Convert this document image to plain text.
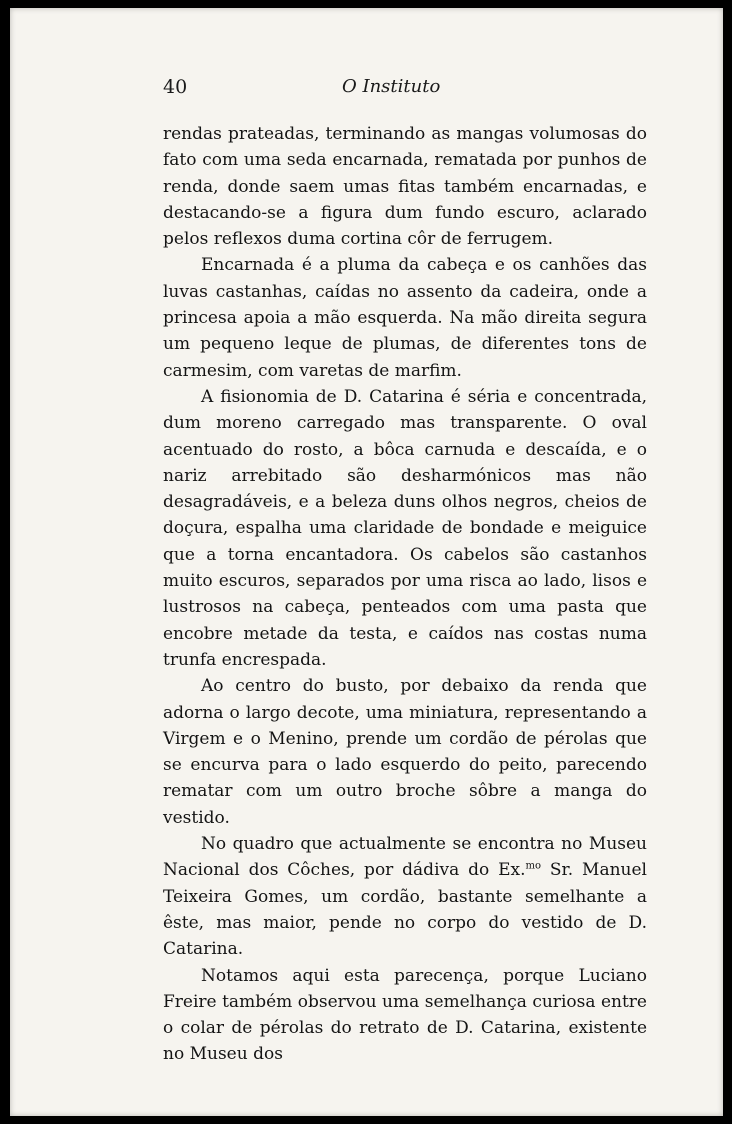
40	O Instituto

rendas prateadas, terminando as mangas volumosas do fato com uma seda encarnada, rematada por punhos de renda, donde saem umas fitas também encarnadas, e destacando-se a figura dum fundo escuro, aclarado pelos reflexos duma cortina côr de ferrugem.

Encarnada é a pluma da cabeça e os canhões das luvas castanhas, caídas no assento da cadeira, onde a princesa apoia a mão esquerda. Na mão direita segura um pequeno leque de plumas, de diferentes tons de carmesim, com varetas de marfim.

A fisionomia de D. Catarina é séria e concentrada, dum moreno carregado mas transparente. O oval acentuado do rosto, a bôca carnuda e descaída, e o nariz arrebitado são desharmónicos mas não desagradáveis, e a beleza duns olhos negros, cheios de doçura, espalha uma claridade de bondade e meiguice que a torna encantadora. Os cabelos são castanhos muito escuros, separados por uma risca ao lado, lisos e lustrosos na cabeça, penteados com uma pasta que encobre metade da testa, e caídos nas costas numa trunfa encrespada.

Ao centro do busto, por debaixo da renda que adorna o largo decote, uma miniatura, representando a Virgem e o Menino, prende um cordão de pérolas que se encurva para o lado esquerdo do peito, parecendo rematar com um outro broche sôbre a manga do vestido.

No quadro que actualmente se encontra no Museu Nacional dos Côches, por dádiva do Ex.$^{mo}$ Sr. Manuel Teixeira Gomes, um cordão, bastante semelhante a êste, mas maior, pende no corpo do vestido de D. Catarina.

Notamos aqui esta parecença, porque Luciano Freire também observou uma semelhança curiosa entre o colar de pérolas do retrato de D. Catarina, existente no Museu dos
